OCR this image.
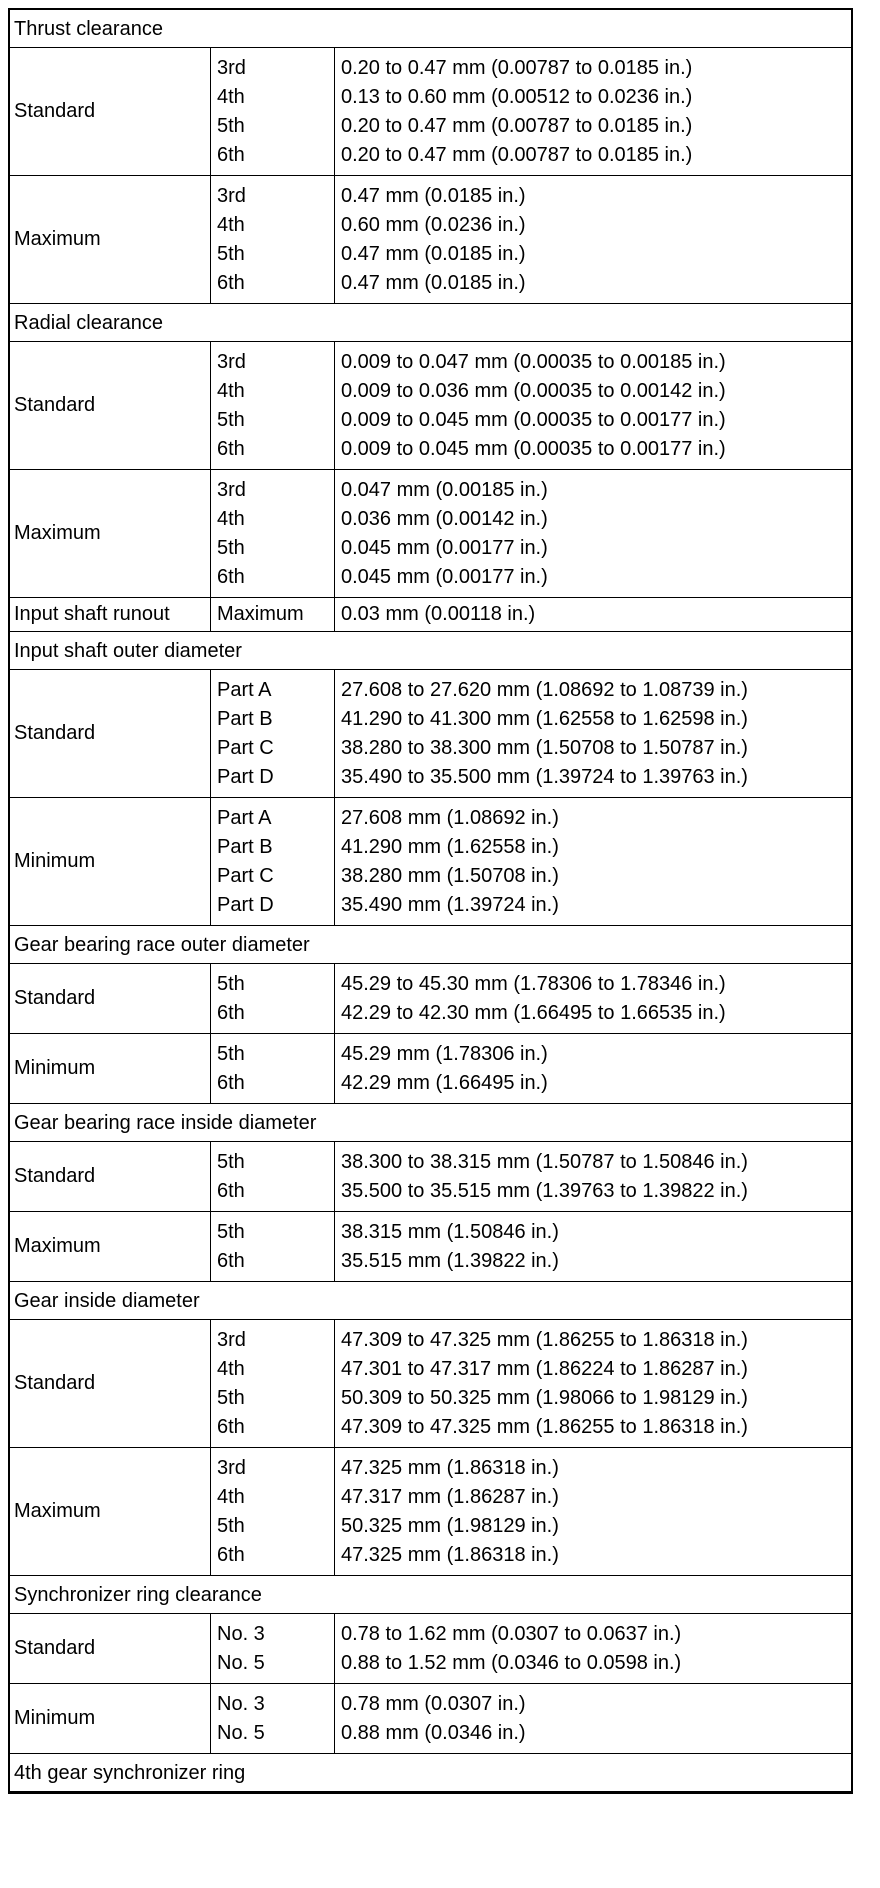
Thrust clearance
Standard
3rd
4th
5th
6th
0.20 to 0.47 mm (0.00787 to 0.0185 in.)
0.13 to 0.60 mm (0.00512 to 0.0236 in.)
0.20 to 0.47 mm (0.00787 to 0.0185 in.)
0.20 to 0.47 mm (0.00787 to 0.0185 in.)
Maximum
3rd
4th
5th
6th
0.47 mm (0.0185 in.)
0.60 mm (0.0236 in.)
0.47 mm (0.0185 in.)
0.47 mm (0.0185 in.)
Radial clearance
Standard
3rd
4th
5th
6th
0.009 to 0.047 mm (0.00035 to 0.00185 in.)
0.009 to 0.036 mm (0.00035 to 0.00142 in.)
0.009 to 0.045 mm (0.00035 to 0.00177 in.)
0.009 to 0.045 mm (0.00035 to 0.00177 in.)
Maximum
3rd
4th
5th
6th
0.047 mm (0.00185 in.)
0.036 mm (0.00142 in.)
0.045 mm (0.00177 in.)
0.045 mm (0.00177 in.)
Input shaft runout	Maximum	0.03 mm (0.00118 in.)
Input shaft outer diameter
Standard
Part A
Part B
Part C
Part D
27.608 to 27.620 mm (1.08692 to 1.08739 in.)
41.290 to 41.300 mm (1.62558 to 1.62598 in.)
38.280 to 38.300 mm (1.50708 to 1.50787 in.)
35.490 to 35.500 mm (1.39724 to 1.39763 in.)
Minimum
Part A
Part B
Part C
Part D
27.608 mm (1.08692 in.)
41.290 mm (1.62558 in.)
38.280 mm (1.50708 in.)
35.490 mm (1.39724 in.)
Gear bearing race outer diameter
Standard
5th
6th
45.29 to 45.30 mm (1.78306 to 1.78346 in.)
42.29 to 42.30 mm (1.66495 to 1.66535 in.)
Minimum
5th
6th
45.29 mm (1.78306 in.)
42.29 mm (1.66495 in.)
Gear bearing race inside diameter
Standard
5th
6th
38.300 to 38.315 mm (1.50787 to 1.50846 in.)
35.500 to 35.515 mm (1.39763 to 1.39822 in.)
Maximum
5th
6th
38.315 mm (1.50846 in.)
35.515 mm (1.39822 in.)
Gear inside diameter
Standard
3rd
4th
5th
6th
47.309 to 47.325 mm (1.86255 to 1.86318 in.)
47.301 to 47.317 mm (1.86224 to 1.86287 in.)
50.309 to 50.325 mm (1.98066 to 1.98129 in.)
47.309 to 47.325 mm (1.86255 to 1.86318 in.)
Maximum
3rd
4th
5th
6th
47.325 mm (1.86318 in.)
47.317 mm (1.86287 in.)
50.325 mm (1.98129 in.)
47.325 mm (1.86318 in.)
Synchronizer ring clearance
Standard
No. 3
No. 5
0.78 to 1.62 mm (0.0307 to 0.0637 in.)
0.88 to 1.52 mm (0.0346 to 0.0598 in.)
Minimum
No. 3
No. 5
0.78 mm (0.0307 in.)
0.88 mm (0.0346 in.)
4th gear synchronizer ring
